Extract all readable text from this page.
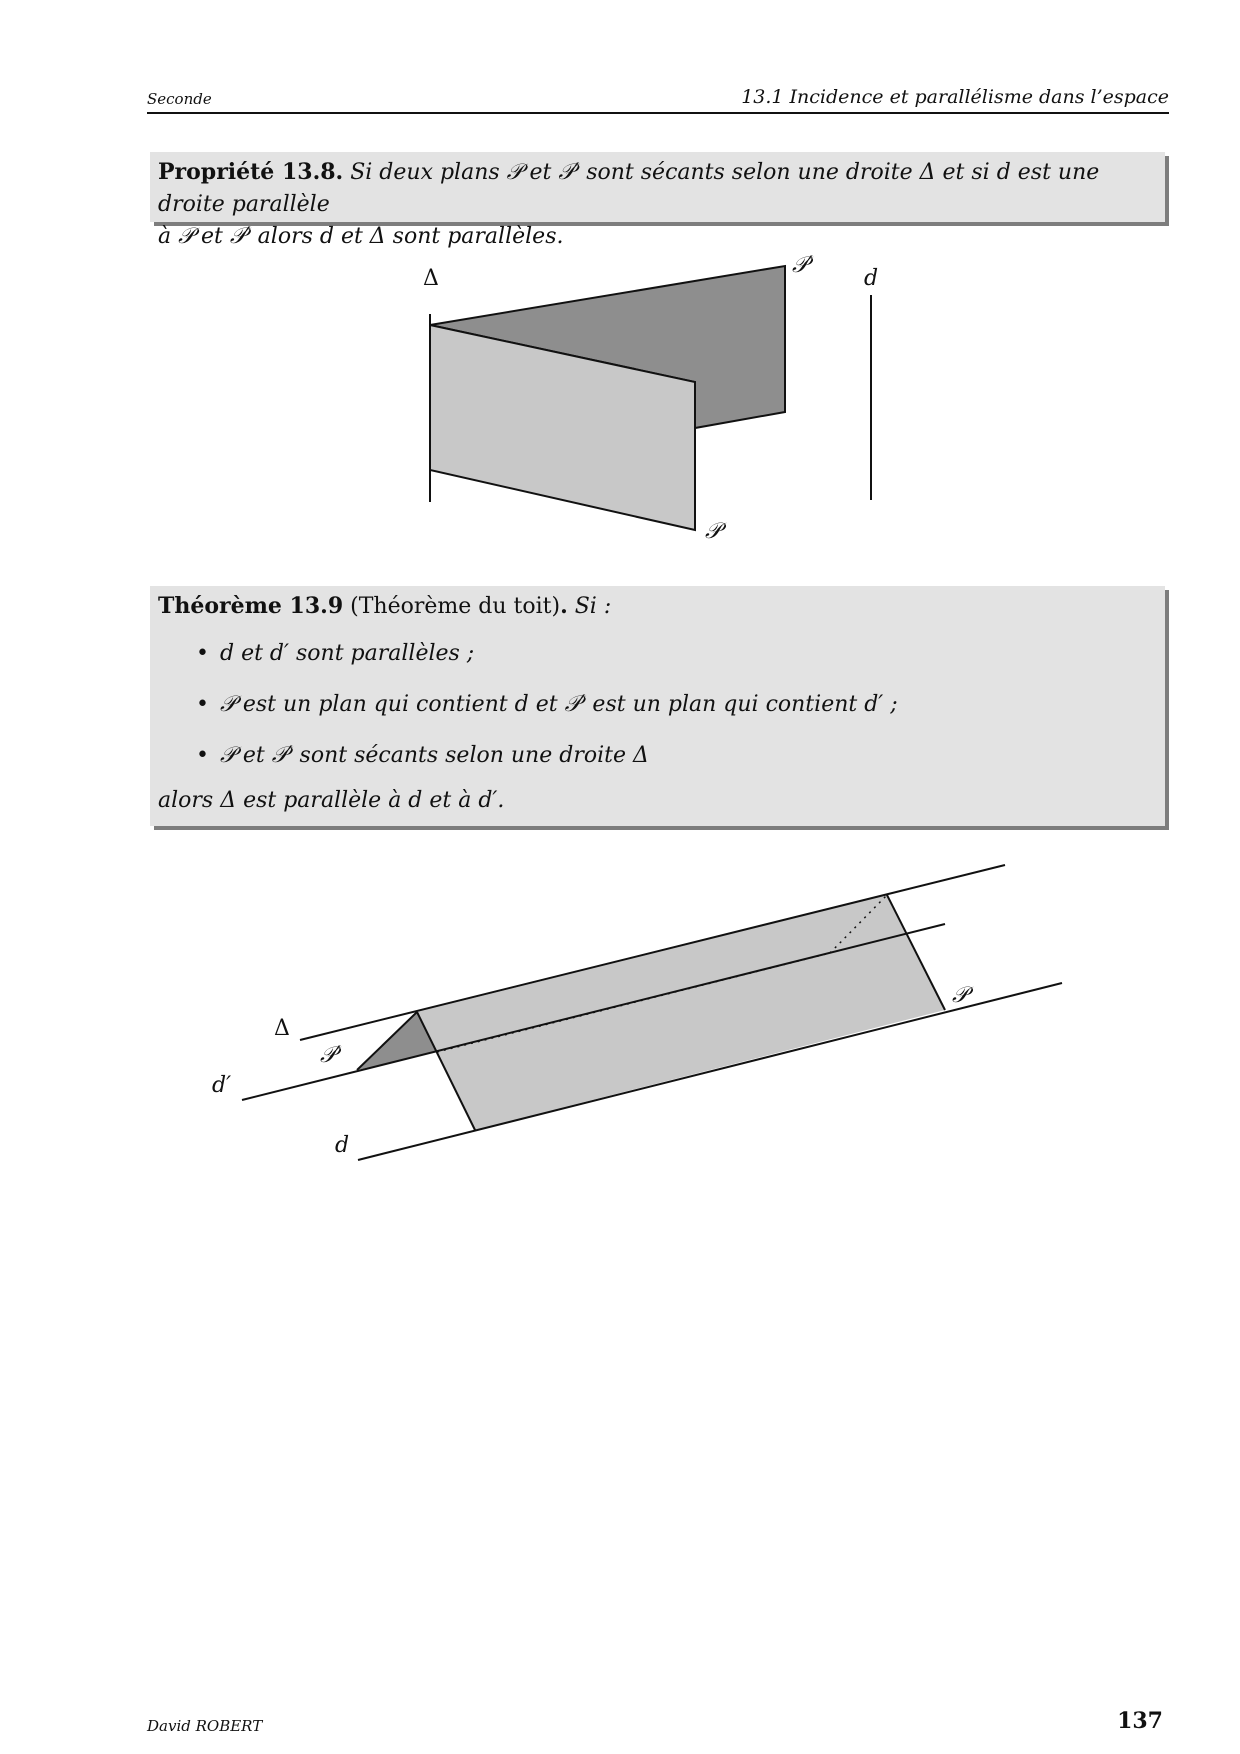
Seconde	13.1 Incidence et parallélisme dans l’espace
Propriété 13.8. Si deux plans 𝒫 et 𝒫′ sont sécants selon une droite Δ et si d est une droite parallèle
à 𝒫 et 𝒫′ alors d et Δ sont parallèles.
Δ
𝒫′
d
𝒫
Théorème 13.9 (Théorème du toit). Si :
• d et d′ sont parallèles ;
• 𝒫 est un plan qui contient d et 𝒫′ est un plan qui contient d′ ;
• 𝒫 et 𝒫′ sont sécants selon une droite Δ
alors Δ est parallèle à d et à d′.
Δ
𝒫′
d′
d
𝒫
David ROBERT	137
